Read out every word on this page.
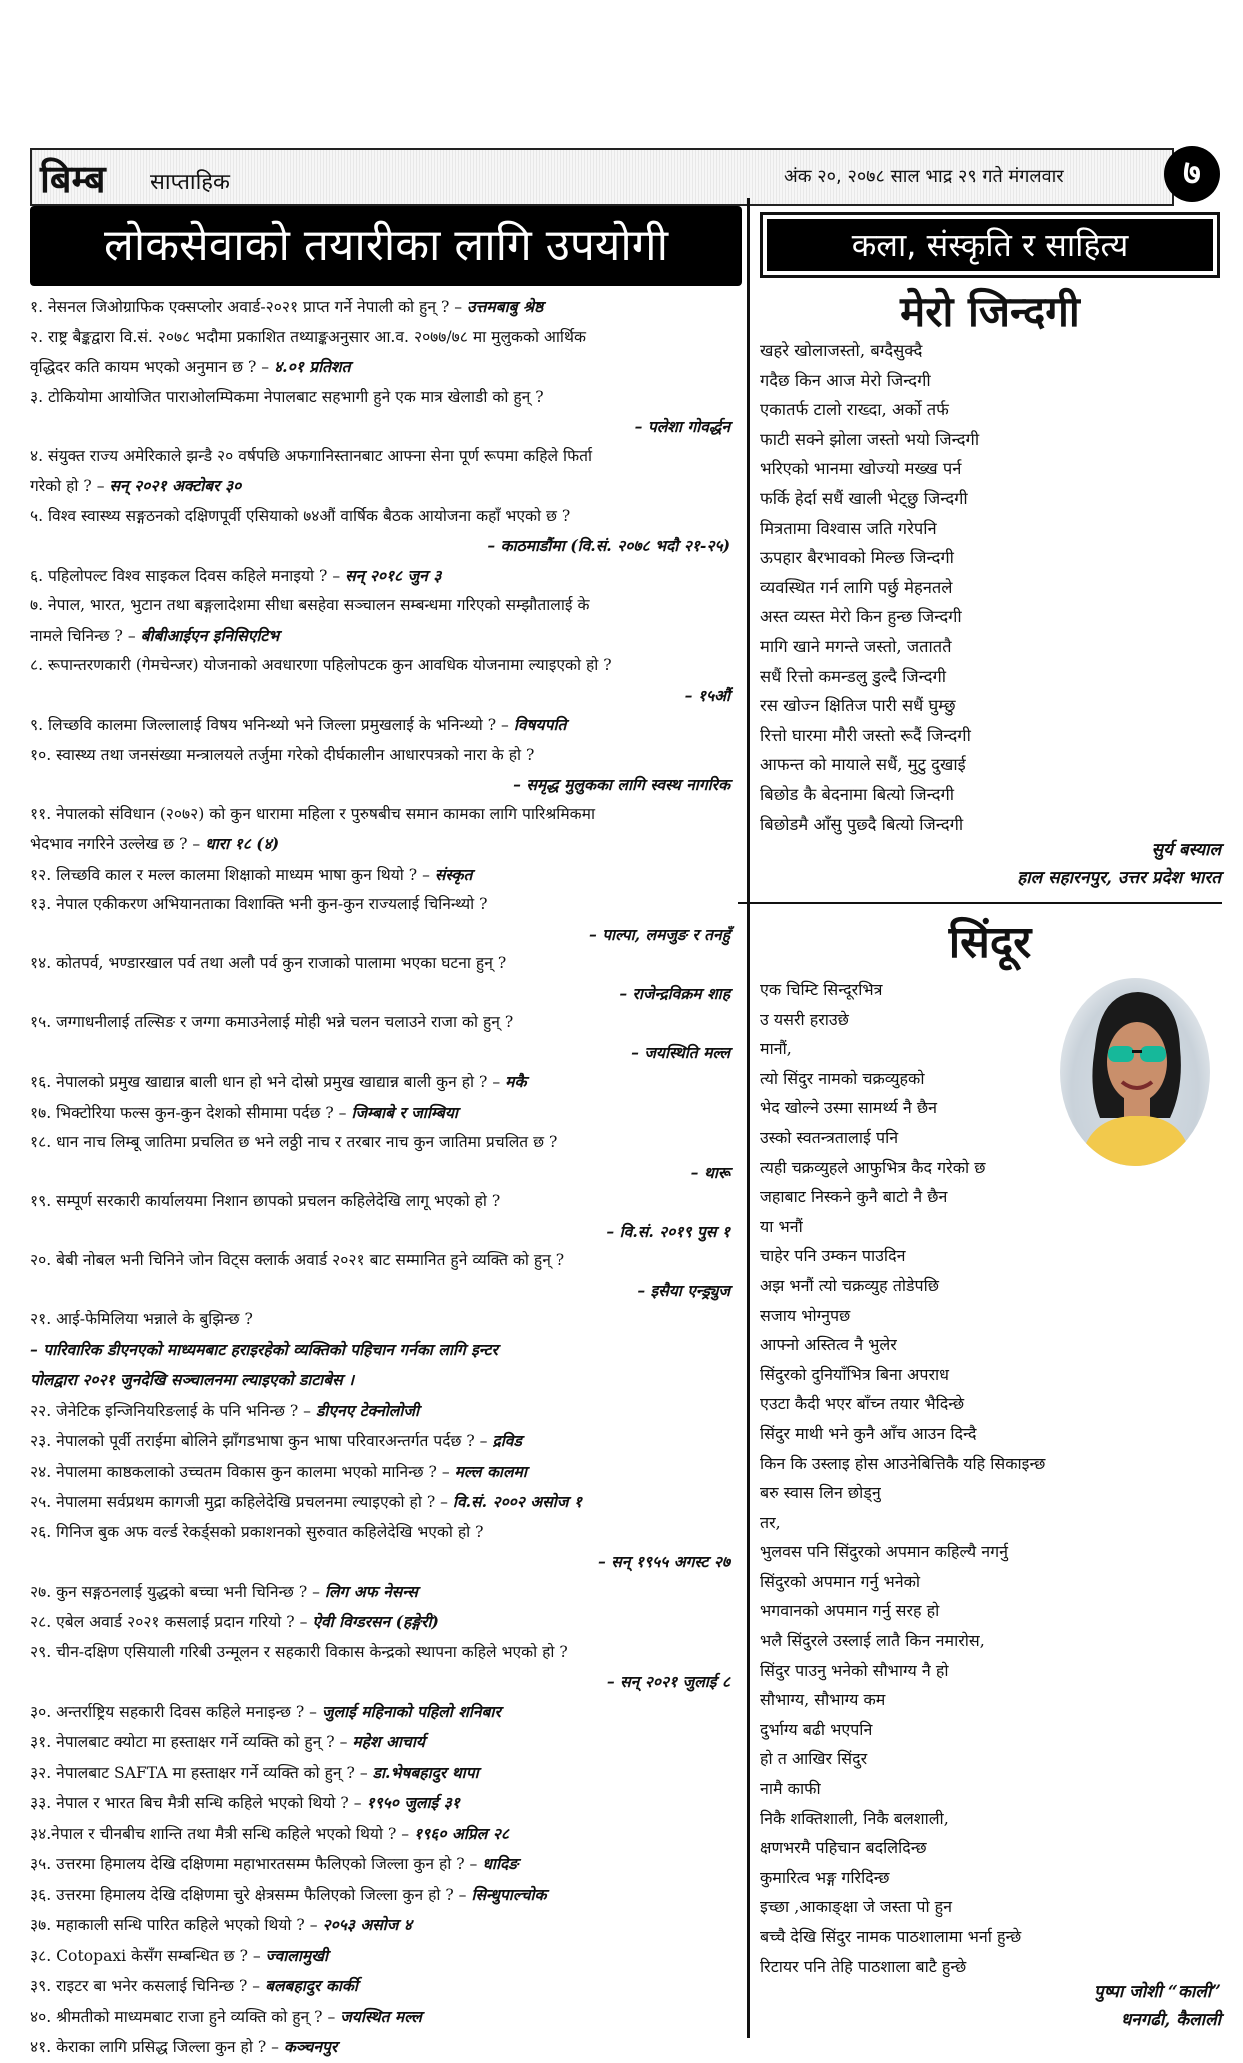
बिम्ब साप्ताहिक	अंक २०, २०७८ साल भाद्र २९ गते मंगलवार	७
लोकसेवाको तयारीका लागि उपयोगी
१. नेसनल जिओग्राफिक एक्सप्लोर अवार्ड-२०२१ प्राप्त गर्ने नेपाली को हुन् ? – उत्तमबाबु श्रेष्ठ
२. राष्ट्र बैङ्कद्वारा वि.सं. २०७८ भदौमा प्रकाशित तथ्याङ्कअनुसार आ.व. २०७७/७८ मा मुलुकको आर्थिक
वृद्धिदर कति कायम भएको अनुमान छ ? – ४.०१ प्रतिशत
३. टोकियोमा आयोजित पाराओलम्पिकमा नेपालबाट सहभागी हुने एक मात्र खेलाडी को हुन् ?
– पलेशा गोवर्द्धन
४. संयुक्त राज्य अमेरिकाले झन्डै २० वर्षपछि अफगानिस्तानबाट आफ्ना सेना पूर्ण रूपमा कहिले फिर्ता
गरेको हो ? – सन् २०२१ अक्टोबर ३०
५. विश्व स्वास्थ्य सङ्गठनको दक्षिणपूर्वी एसियाको ७४औं वार्षिक बैठक आयोजना कहाँ भएको छ ?
– काठमाडौंमा (वि.सं. २०७८ भदौ २१-२५)
६. पहिलोपल्ट विश्व साइकल दिवस कहिले मनाइयो ? – सन् २०१८ जुन ३
७. नेपाल, भारत, भुटान तथा बङ्गलादेशमा सीधा बसहेवा सञ्चालन सम्बन्धमा गरिएको सम्झौतालाई के
नामले चिनिन्छ ? – बीबीआईएन इनिसिएटिभ
८. रूपान्तरणकारी (गेमचेन्जर) योजनाको अवधारणा पहिलोपटक कुन आवधिक योजनामा ल्याइएको हो ?
– १५औं
९. लिच्छवि कालमा जिल्लालाई विषय भनिन्थ्यो भने जिल्ला प्रमुखलाई के भनिन्थ्यो ? – विषयपति
१०. स्वास्थ्य तथा जनसंख्या मन्त्रालयले तर्जुमा गरेको दीर्घकालीन आधारपत्रको नारा के हो ?
– समृद्ध मुलुकका लागि स्वस्थ नागरिक
११. नेपालको संविधान (२०७२) को कुन धारामा महिला र पुरुषबीच समान कामका लागि पारिश्रमिकमा
भेदभाव नगरिने उल्लेख छ ? – धारा १८ (४)
१२. लिच्छवि काल र मल्ल कालमा शिक्षाको माध्यम भाषा कुन थियो ? – संस्कृत
१३. नेपाल एकीकरण अभियानताका विशाक्ति भनी कुन-कुन राज्यलाई चिनिन्थ्यो ?
– पाल्पा, लमजुङ र तनहुँ
१४. कोतपर्व, भण्डारखाल पर्व तथा अलौ पर्व कुन राजाको पालामा भएका घटना हुन् ?
– राजेन्द्रविक्रम शाह
१५. जग्गाधनीलाई तल्सिङ र जग्गा कमाउनेलाई मोही भन्ने चलन चलाउने राजा को हुन् ?
– जयस्थिति मल्ल
१६. नेपालको प्रमुख खाद्यान्न बाली धान हो भने दोस्रो प्रमुख खाद्यान्न बाली कुन हो ? – मकै
१७. भिक्टोरिया फल्स कुन-कुन देशको सीमामा पर्दछ ? – जिम्बाबे र जाम्बिया
१८. धान नाच लिम्बू जातिमा प्रचलित छ भने लठ्ठी नाच र तरबार नाच कुन जातिमा प्रचलित छ ?
– थारू
१९. सम्पूर्ण सरकारी कार्यालयमा निशान छापको प्रचलन कहिलेदेखि लागू भएको हो ?
– वि.सं. २०१९ पुस १
२०. बेबी नोबल भनी चिनिने जोन विट्स क्लार्क अवार्ड २०२१ बाट सम्मानित हुने व्यक्ति को हुन् ?
– इसैया एन्ड्र्युज
२१. आई-फेमिलिया भन्नाले के बुझिन्छ ?
– पारिवारिक डीएनएको माध्यमबाट हराइरहेको व्यक्तिको पहिचान गर्नका लागि इन्टर
पोलद्वारा २०२१ जुनदेखि सञ्चालनमा ल्याइएको डाटाबेस ।
२२. जेनेटिक इन्जिनियरिङलाई के पनि भनिन्छ ? – डीएनए टेक्नोलोजी
२३. नेपालको पूर्वी तराईमा बोलिने झाँगडभाषा कुन भाषा परिवारअन्तर्गत पर्दछ ? – द्रविड
२४. नेपालमा काष्ठकलाको उच्चतम विकास कुन कालमा भएको मानिन्छ ? – मल्ल कालमा
२५. नेपालमा सर्वप्रथम कागजी मुद्रा कहिलेदेखि प्रचलनमा ल्याइएको हो ? – वि.सं. २००२ असोज १
२६. गिनिज बुक अफ वर्ल्ड रेकर्ड्सको प्रकाशनको सुरुवात कहिलेदेखि भएको हो ?
– सन् १९५५ अगस्ट २७
२७. कुन सङ्गठनलाई युद्धको बच्चा भनी चिनिन्छ ? – लिग अफ नेसन्स
२८. एबेल अवार्ड २०२१ कसलाई प्रदान गरियो ? – ऐवी विग्डरसन (हङ्गेरी)
२९. चीन-दक्षिण एसियाली गरिबी उन्मूलन र सहकारी विकास केन्द्रको स्थापना कहिले भएको हो ?
– सन् २०२१ जुलाई ८
३०. अन्तर्राष्ट्रिय सहकारी दिवस कहिले मनाइन्छ ? – जुलाई महिनाको पहिलो शनिबार
३१. नेपालबाट क्योटा मा हस्ताक्षर गर्ने व्यक्ति को हुन् ? – महेश आचार्य
३२. नेपालबाट SAFTA मा हस्ताक्षर गर्ने व्यक्ति को हुन् ? – डा.भेषबहादुर थापा
३३. नेपाल र भारत बिच मैत्री सन्धि कहिले भएको थियो ? – १९५० जुलाई ३१
३४.नेपाल र चीनबीच शान्ति तथा मैत्री सन्धि कहिले भएको थियो ? – १९६० अप्रिल २८
३५. उत्तरमा हिमालय देखि दक्षिणमा महाभारतसम्म फैलिएको जिल्ला कुन हो ? – धादिङ
३६. उत्तरमा हिमालय देखि दक्षिणमा चुरे क्षेत्रसम्म फैलिएको जिल्ला कुन हो ? – सिन्धुपाल्चोक
३७. महाकाली सन्धि पारित कहिले भएको थियो ? – २०५३ असोज ४
३८. Cotopaxi केसँग सम्बन्धित छ ? – ज्वालामुखी
३९. राइटर बा भनेर कसलाई चिनिन्छ ? – बलबहादुर कार्की
४०. श्रीमतीको माध्यमबाट राजा हुने व्यक्ति को हुन् ? – जयस्थित मल्ल
४१. केराका लागि प्रसिद्ध जिल्ला कुन हो ? – कञ्चनपुर
कला, संस्कृति र साहित्य
मेरो जिन्दगी
खहरे खोलाजस्तो, बग्दैसुक्दै
गदैछ किन आज मेरो जिन्दगी
एकातर्फ टालो राख्दा, अर्को तर्फ
फाटी सक्ने झोला जस्तो भयो जिन्दगी
भरिएको भानमा खोज्यो मख्ख पर्न
फर्कि हेर्दा सधैं खाली भेट्छु जिन्दगी
मित्रतामा विश्वास जति गरेपनि
ऊपहार बैरभावको मिल्छ जिन्दगी
व्यवस्थित गर्न लागि पर्छु मेहनतले
अस्त व्यस्त मेरो किन हुन्छ जिन्दगी
मागि खाने मगन्ते जस्तो, जताततै
सधैं रित्तो कमन्डलु डुल्दै जिन्दगी
रस खोज्न क्षितिज पारी सधैं घुम्छु
रित्तो घारमा मौरी जस्तो रूदैं जिन्दगी
आफन्त को मायाले सधैं, मुटु दुखाई
बिछोड कै बेदनामा बित्यो जिन्दगी
बिछोडमै आँसु पुछ्दै बित्यो जिन्दगी
सुर्य बस्याल
हाल सहारनपुर, उत्तर प्रदेश भारत
सिंदूर
एक चिम्टि सिन्दूरभित्र
उ यसरी हराउछे
मानौं,
त्यो सिंदुर नामको चक्रव्युहको
भेद खोल्ने उस्मा सामर्थ्य नै छैन
उस्को स्वतन्त्रतालाई पनि
त्यही चक्रव्युहले आफुभित्र कैद गरेको छ
जहाबाट निस्कने कुनै बाटो नै छैन
या भनौं
चाहेर पनि उम्कन पाउदिन
अझ भनौं त्यो चक्रव्युह तोडेपछि
सजाय भोग्नुपछ
आफ्नो अस्तित्व नै भुलेर
सिंदुरको दुनियाँभित्र बिना अपराध
एउटा कैदी भएर बाँच्न तयार भैदिन्छे
सिंदुर माथी भने कुनै आँच आउन दिन्दै
किन कि उस्लाइ होस आउनेबित्तिकै यहि सिकाइन्छ
बरु स्वास लिन छोड्नु
तर,
भुलवस पनि सिंदुरको अपमान कहिल्यै नगर्नु
सिंदुरको अपमान गर्नु भनेको
भगवानको अपमान गर्नु सरह हो
भलै सिंदुरले उस्लाई लातै किन नमारोस,
सिंदुर पाउनु भनेको सौभाग्य नै हो
सौभाग्य, सौभाग्य कम
दुर्भाग्य बढी भएपनि
हो त आखिर सिंदुर
नामै काफी
निकै शक्तिशाली, निकै बलशाली,
क्षणभरमै पहिचान बदलिदिन्छ
कुमारित्व भङ्ग गरिदिन्छ
इच्छा ,आकाङ्क्षा जे जस्ता पो हुन
बच्चै देखि सिंदुर नामक पाठशालामा भर्ना हुन्छे
रिटायर पनि तेहि पाठशाला बाटै हुन्छे
पुष्पा जोशी “काली”
धनगढी, कैलाली
